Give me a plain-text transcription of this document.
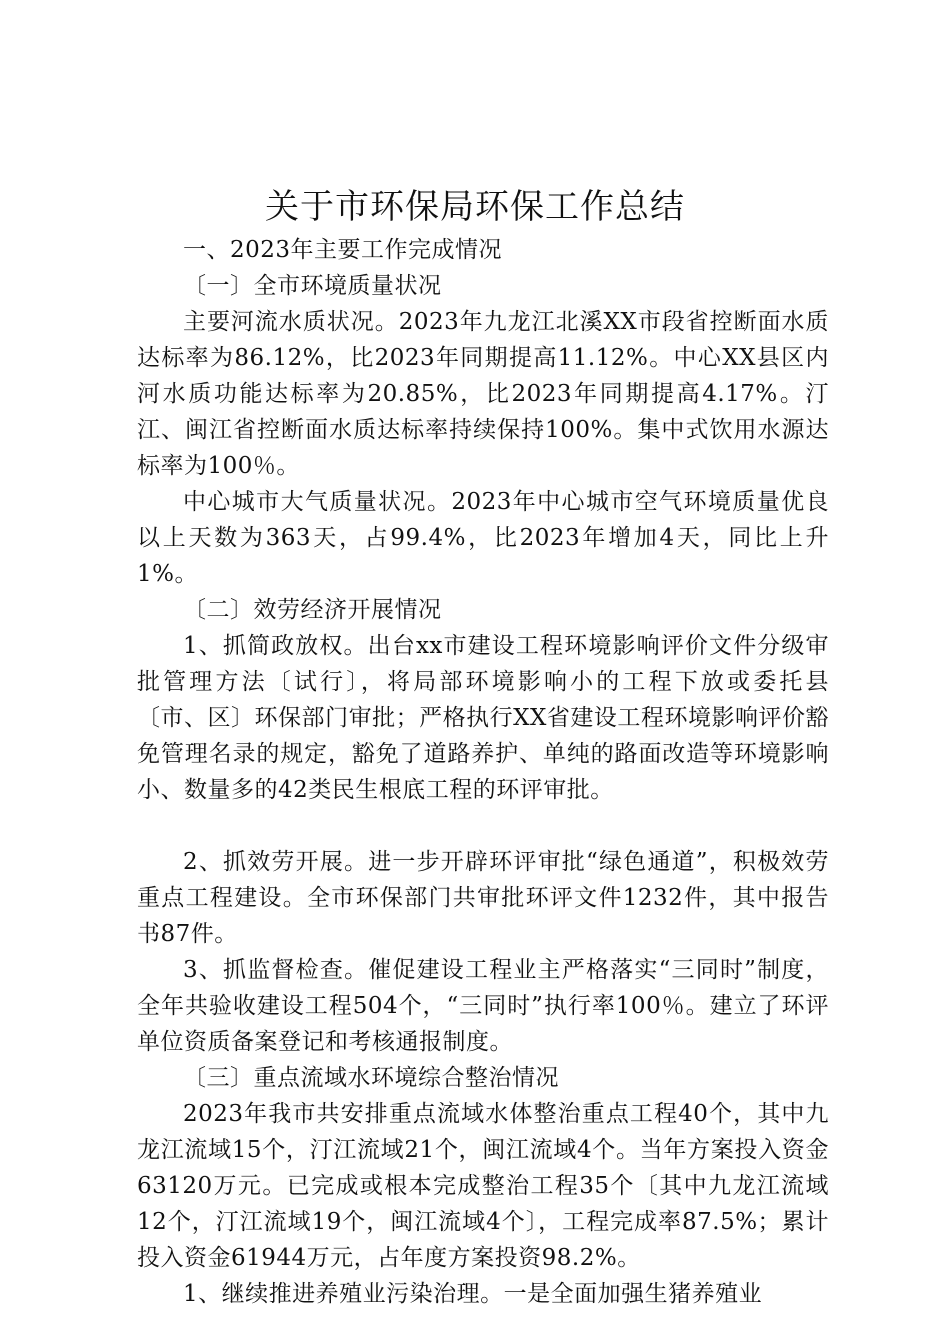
关于市环保局环保工作总结

一、2023年主要工作完成情况

〔一〕全市环境质量状况

主要河流水质状况。2023年九龙江北溪XX市段省控断面水质达标率为86.12%，比2023年同期提高11.12%。中心XX县区内河水质功能达标率为20.85%，比2023年同期提高4.17%。汀江、闽江省控断面水质达标率持续保持100%。集中式饮用水源达标率为100％。

中心城市大气质量状况。2023年中心城市空气环境质量优良以上天数为363天，占99.4%，比2023年增加4天，同比上升1%。

〔二〕效劳经济开展情况

1、抓简政放权。出台xx市建设工程环境影响评价文件分级审批管理方法〔试行〕，将局部环境影响小的工程下放或委托县〔市、区〕环保部门审批；严格执行XX省建设工程环境影响评价豁免管理名录的规定，豁免了道路养护、单纯的路面改造等环境影响小、数量多的42类民生根底工程的环评审批。

2、抓效劳开展。进一步开辟环评审批“绿色通道”，积极效劳重点工程建设。全市环保部门共审批环评文件1232件，其中报告书87件。

3、抓监督检查。催促建设工程业主严格落实“三同时”制度，全年共验收建设工程504个，“三同时”执行率100％。建立了环评单位资质备案登记和考核通报制度。

〔三〕重点流域水环境综合整治情况

2023年我市共安排重点流域水体整治重点工程40个，其中九龙江流域15个，汀江流域21个，闽江流域4个。当年方案投入资金63120万元。已完成或根本完成整治工程35个〔其中九龙江流域12个，汀江流域19个，闽江流域4个〕，工程完成率87.5%；累计投入资金61944万元，占年度方案投资98.2%。

1、继续推进养殖业污染治理。一是全面加强生猪养殖业
